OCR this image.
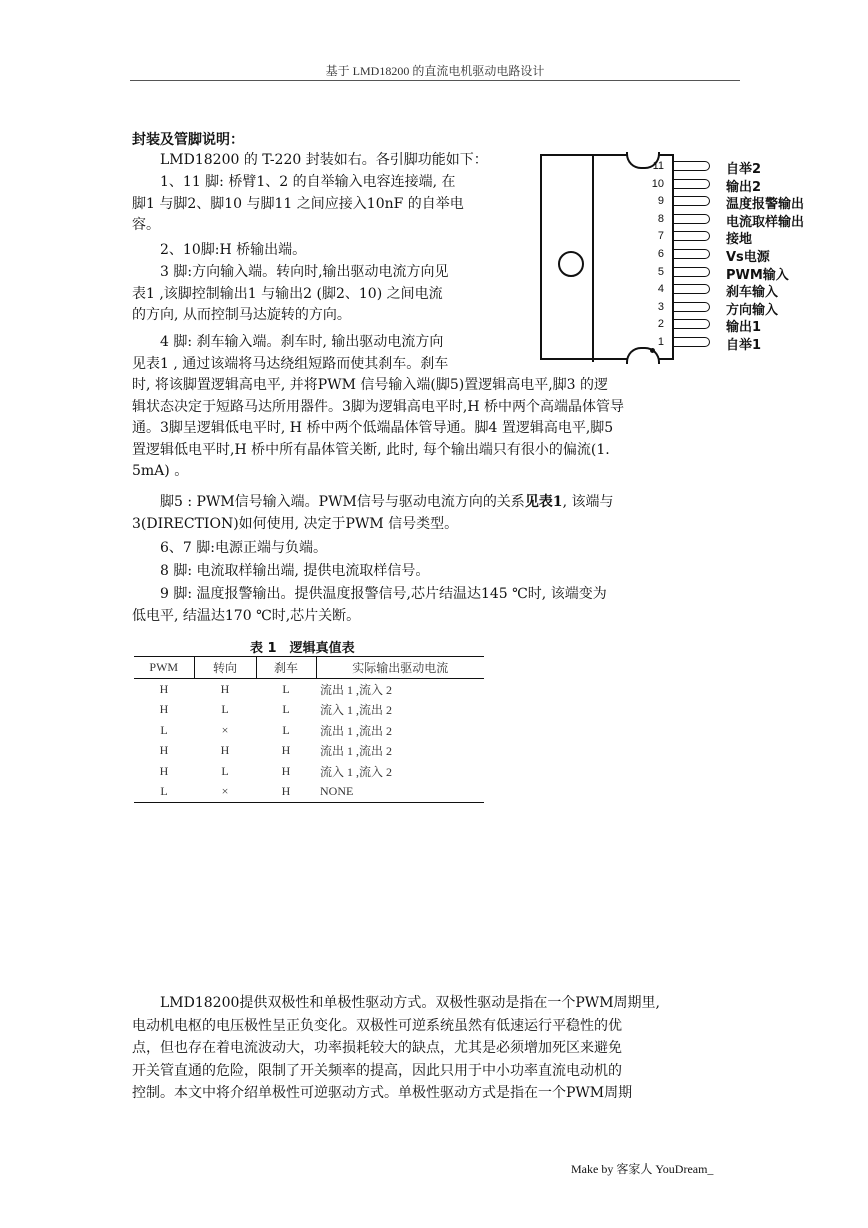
基于 LMD18200 的直流电机驱动电路设计
封装及管脚说明：

LMD18200 的 T-220 封装如右。各引脚功能如下：

1、11 脚: 桥臂1、2 的自举输入电容连接端, 在
脚1 与脚2、脚10 与脚11 之间应接入10nF 的自举电
容。

2、10脚:H 桥输出端。

3 脚:方向输入端。转向时,输出驱动电流方向见
表1 ,该脚控制输出1 与输出2 (脚2、10) 之间电流
的方向, 从而控制马达旋转的方向。

4 脚: 刹车输入端。刹车时, 输出驱动电流方向
见表1 , 通过该端将马达绕组短路而使其刹车。刹车
时, 将该脚置逻辑高电平, 并将PWM 信号输入端(脚5)置逻辑高电平,脚3 的逻
辑状态决定于短路马达所用器件。3脚为逻辑高电平时,H 桥中两个高端晶体管导
通。3脚呈逻辑低电平时, H 桥中两个低端晶体管导通。脚4 置逻辑高电平,脚5
置逻辑低电平时,H 桥中所有晶体管关断, 此时, 每个输出端只有很小的偏流(1.
5mA) 。

脚5 : PWM信号输入端。PWM信号与驱动电流方向的关系见表1, 该端与
3(DIRECTION)如何使用, 决定于PWM 信号类型。

6、7 脚:电源正端与负端。

8 脚: 电流取样输出端, 提供电流取样信号。

9 脚: 温度报警输出。提供温度报警信号,芯片结温达145 ℃时, 该端变为
低电平, 结温达170 ℃时,芯片关断。

11	自举2
10	输出2
9	温度报警输出
8	电流取样输出
7	接地
6	Vs电源
5	PWM输入
4	刹车输入
3	方向输入
2	输出1
1	自举1
表 1　逻辑真值表
PWM	转向	刹车	实际输出驱动电流
H	H	L	流出 1 ,流入 2
H	L	L	流入 1 ,流出 2
L	×	L	流出 1 ,流出 2
H	H	H	流出 1 ,流出 2
H	L	H	流入 1 ,流入 2
L	×	H	NONE

LMD18200提供双极性和单极性驱动方式。双极性驱动是指在一个PWM周期里,
电动机电枢的电压极性呈正负变化。双极性可逆系统虽然有低速运行平稳性的优
点，但也存在着电流波动大，功率损耗较大的缺点，尤其是必须增加死区来避免
开关管直通的危险，限制了开关频率的提高，因此只用于中小功率直流电动机的
控制。本文中将介绍单极性可逆驱动方式。单极性驱动方式是指在一个PWM周期

Make by 客家人 YouDream_
